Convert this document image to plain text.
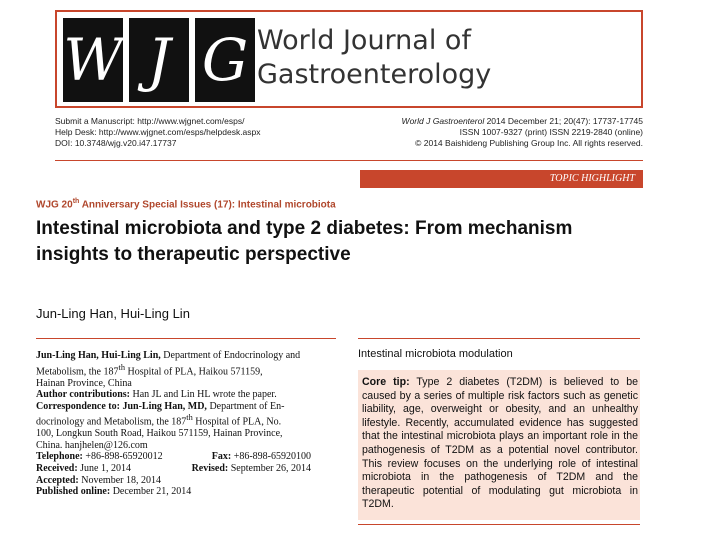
W J G World Journal of
Gastroenterology
Submit a Manuscript: http://www.wjgnet.com/esps/
Help Desk: http://www.wjgnet.com/esps/helpdesk.aspx
DOI: 10.3748/wjg.v20.i47.17737
World J Gastroenterol 2014 December 21; 20(47): 17737-17745
ISSN 1007-9327 (print) ISSN 2219-2840 (online)
© 2014 Baishideng Publishing Group Inc. All rights reserved.
TOPIC HIGHLIGHT
WJG 20th Anniversary Special Issues (17): Intestinal microbiota
Intestinal microbiota and type 2 diabetes: From mechanism
insights to therapeutic perspective
Jun-Ling Han, Hui-Ling Lin
Jun-Ling Han, Hui-Ling Lin, Department of Endocrinology and
Metabolism, the 187th Hospital of PLA, Haikou 571159,
Hainan Province, China
Author contributions: Han JL and Lin HL wrote the paper.
Correspondence to: Jun-Ling Han, MD, Department of En-
docrinology and Metabolism, the 187th Hospital of PLA, No.
100, Longkun South Road, Haikou 571159, Hainan Province,
China. hanjhelen@126.com
Telephone: +86-898-65920012	Fax: +86-898-65920100
Received: June 1, 2014	Revised: September 26, 2014
Accepted: November 18, 2014
Published online: December 21, 2014
Intestinal microbiota modulation
Core tip: Type 2 diabetes (T2DM) is believed to be caused by a series of multiple risk factors such as genetic liability, age, overweight or obesity, and an unhealthy lifestyle. Recently, accumulated evidence has suggested that the intestinal microbiota plays an important role in the pathogenesis of T2DM as a potential novel contributor. This review focuses on the underlying role of intestinal microbiota in the pathogenesis of T2DM and the therapeutic potential of modulating gut microbiota in T2DM.
